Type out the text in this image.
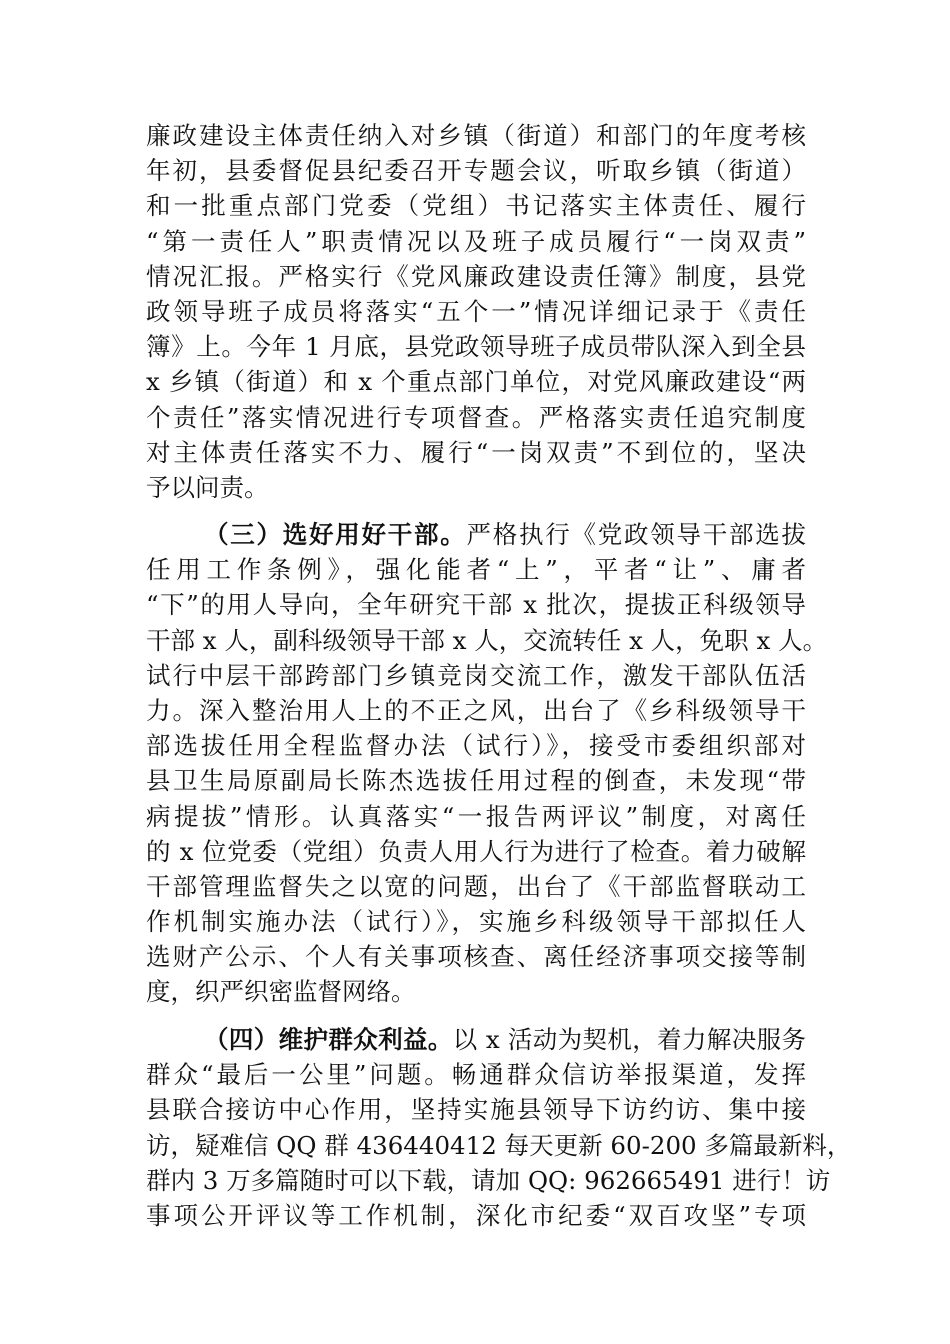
廉政建设主体责任纳入对乡镇（街道）和部门的年度考核
年初，县委督促县纪委召开专题会议，听取乡镇（街道）
和一批重点部门党委（党组）书记落实主体责任、履行
“第一责任人”职责情况以及班子成员履行“一岗双责”
情况汇报。严格实行《党风廉政建设责任簿》制度，县党
政领导班子成员将落实“五个一”情况详细记录于《责任
簿》上。今年 1 月底，县党政领导班子成员带队深入到全县
x 乡镇（街道）和 x 个重点部门单位，对党风廉政建设“两
个责任”落实情况进行专项督查。严格落实责任追究制度
对主体责任落实不力、履行“一岗双责”不到位的，坚决
予以问责。
（三）选好用好干部。严格执行《党政领导干部选拔
任用工作条例》，强化能者“上”，平者“让”、庸者
“下”的用人导向，全年研究干部 x 批次，提拔正科级领导
干部 x 人，副科级领导干部 x 人，交流转任 x 人，免职 x 人。
试行中层干部跨部门乡镇竞岗交流工作，激发干部队伍活
力。深入整治用人上的不正之风，出台了《乡科级领导干
部选拔任用全程监督办法（试行）》，接受市委组织部对
县卫生局原副局长陈杰选拔任用过程的倒查，未发现“带
病提拔”情形。认真落实“一报告两评议”制度，对离任
的 x 位党委（党组）负责人用人行为进行了检查。着力破解
干部管理监督失之以宽的问题，出台了《干部监督联动工
作机制实施办法（试行）》，实施乡科级领导干部拟任人
选财产公示、个人有关事项核查、离任经济事项交接等制
度，织严织密监督网络。
（四）维护群众利益。以 x 活动为契机，着力解决服务
群众“最后一公里”问题。畅通群众信访举报渠道，发挥
县联合接访中心作用，坚持实施县领导下访约访、集中接
访，疑难信 QQ 群 436440412 每天更新 60-200 多篇最新料，
群内 3 万多篇随时可以下载，请加 QQ: 962665491 进行！访
事项公开评议等工作机制，深化市纪委“双百攻坚”专项
